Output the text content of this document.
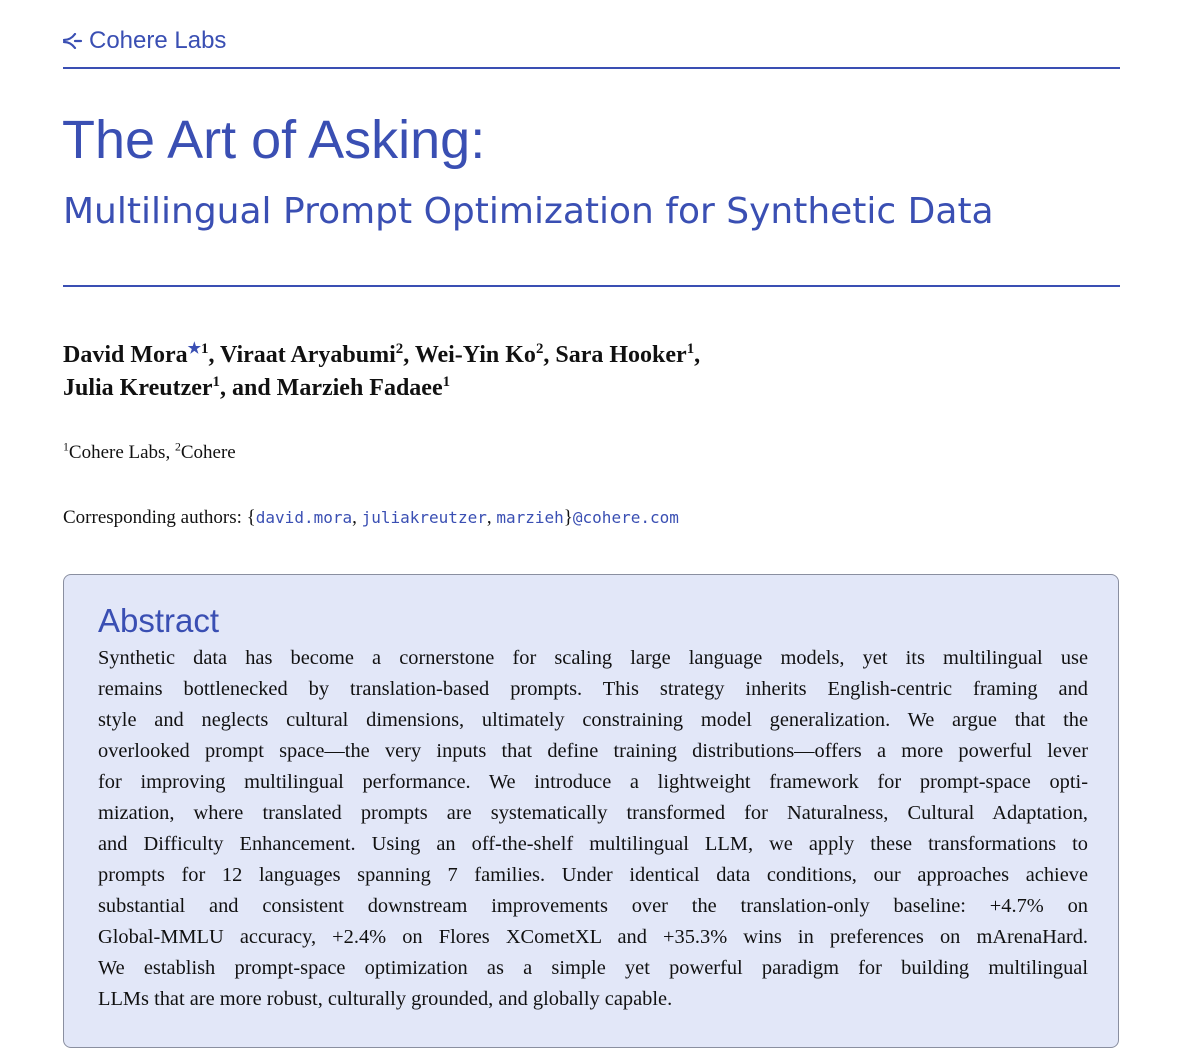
Cohere Labs
The Art of Asking:
Multilingual Prompt Optimization for Synthetic Data
David Mora$^{★1}$, Viraat Aryabumi$^2$, Wei-Yin Ko$^2$, Sara Hooker$^1$,
Julia Kreutzer$^1$, and Marzieh Fadaee$^1$
$^1$Cohere Labs, $^2$Cohere
Corresponding authors: {david.mora, juliakreutzer, marzieh}@cohere.com
Abstract
Synthetic data has become a cornerstone for scaling large language models, yet its multilingual use
remains bottlenecked by translation-based prompts. This strategy inherits English-centric framing and
style and neglects cultural dimensions, ultimately constraining model generalization. We argue that the
overlooked prompt space—the very inputs that define training distributions—offers a more powerful lever
for improving multilingual performance. We introduce a lightweight framework for prompt-space opti-
mization, where translated prompts are systematically transformed for Naturalness, Cultural Adaptation,
and Difficulty Enhancement. Using an off-the-shelf multilingual LLM, we apply these transformations to
prompts for 12 languages spanning 7 families. Under identical data conditions, our approaches achieve
substantial and consistent downstream improvements over the translation-only baseline: +4.7% on
Global-MMLU accuracy, +2.4% on Flores XCometXL and +35.3% wins in preferences on mArenaHard.
We establish prompt-space optimization as a simple yet powerful paradigm for building multilingual
LLMs that are more robust, culturally grounded, and globally capable.
